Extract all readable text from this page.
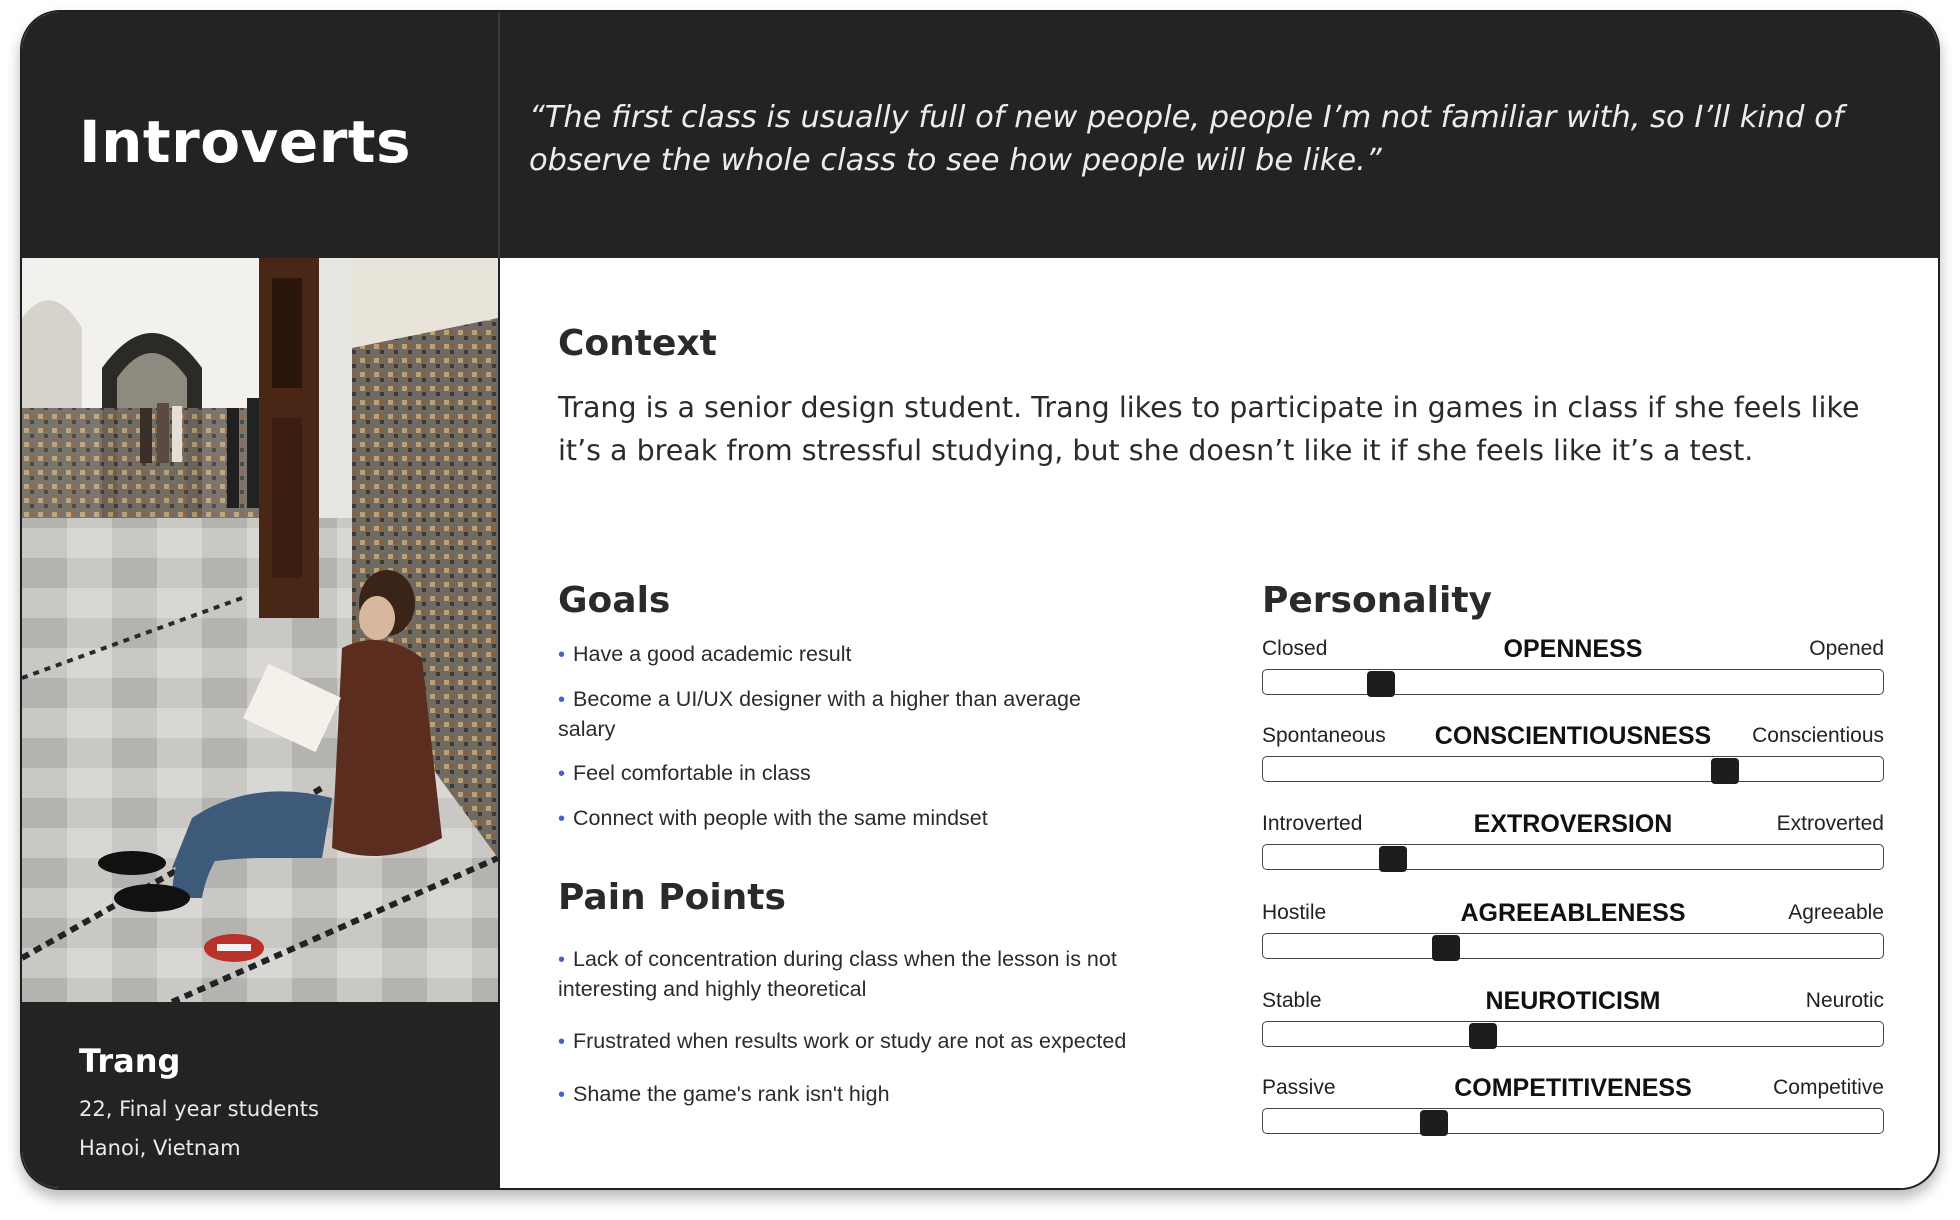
Introverts	“The first class is usually full of new people, people I’m not familiar with, so I’ll kind of observe the whole class to see how people will be like.”
Trang
22, Final year students
Hanoi, Vietnam
Context
Trang is a senior design student. Trang likes to participate in games in class if she feels like it’s a break from stressful studying, but she doesn’t like it if she feels like it’s a test.
Goals
• Have a good academic result
• Become a UI/UX designer with a higher than average salary
• Feel comfortable in class
• Connect with people with the same mindset
Pain Points
• Lack of concentration during class when the lesson is not interesting and highly theoretical
• Frustrated when results work or study are not as expected
• Shame the game's rank isn't high
Personality
Closed	OPENNESS	Opened
Spontaneous	CONSCIENTIOUSNESS	Conscientious
Introverted	EXTROVERSION	Extroverted
Hostile	AGREEABLENESS	Agreeable
Stable	NEUROTICISM	Neurotic
Passive	COMPETITIVENESS	Competitive
